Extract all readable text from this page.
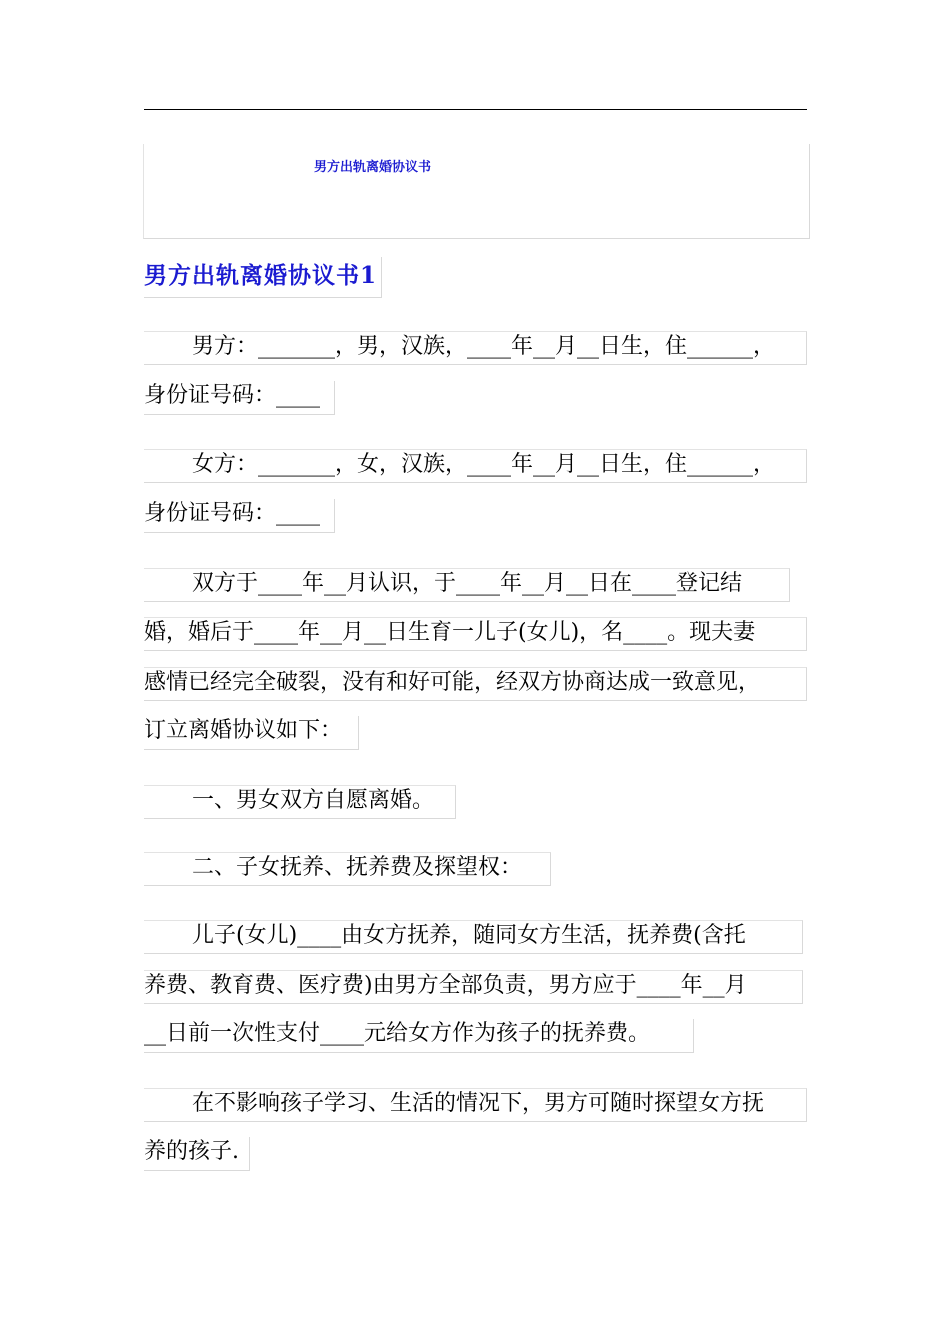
男方出轨离婚协议书
男方出轨离婚协议书1
男方：_______，男，汉族，____年__月__日生，住______，
身份证号码：____
女方：_______，女，汉族，____年__月__日生，住______，
身份证号码：____
双方于____年__月认识，于____年__月__日在____登记结
婚，婚后于____年__月__日生育一儿子(女儿)，名____。现夫妻
感情已经完全破裂，没有和好可能，经双方协商达成一致意见，
订立离婚协议如下：
一、男女双方自愿离婚。
二、子女抚养、抚养费及探望权：
儿子(女儿)____由女方抚养，随同女方生活，抚养费(含托
养费、教育费、医疗费)由男方全部负责，男方应于____年__月
__日前一次性支付____元给女方作为孩子的抚养费。
在不影响孩子学习、生活的情况下，男方可随时探望女方抚
养的孩子.
